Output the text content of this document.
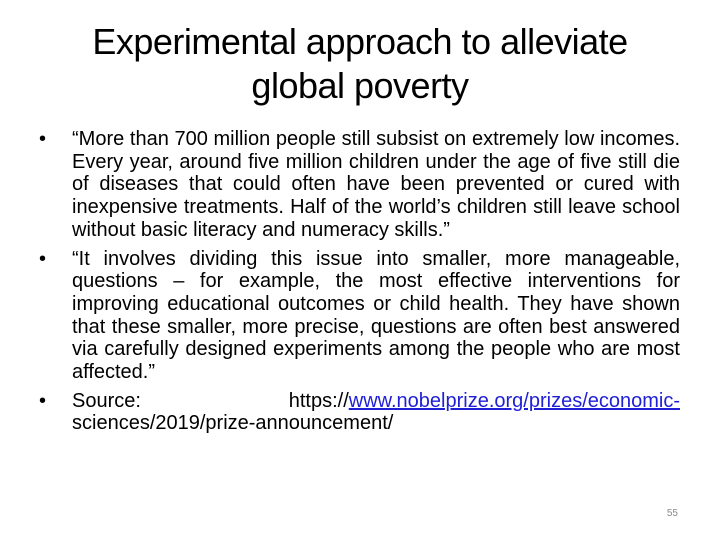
Experimental approach to alleviate
global poverty
• “More than 700 million people still subsist on extremely low incomes. Every year, around five million children under the age of five still die of diseases that could often have been prevented or cured with inexpensive treatments. Half of the world’s children still leave school without basic literacy and numeracy skills.”
• “It involves dividing this issue into smaller, more manageable, questions – for example, the most effective interventions for improving educational outcomes or child health. They have shown that these smaller, more precise, questions are often best answered via carefully designed experiments among the people who are most affected.”
• Source:	https://www.nobelprize.org/prizes/economic-
sciences/2019/prize-announcement/
55
